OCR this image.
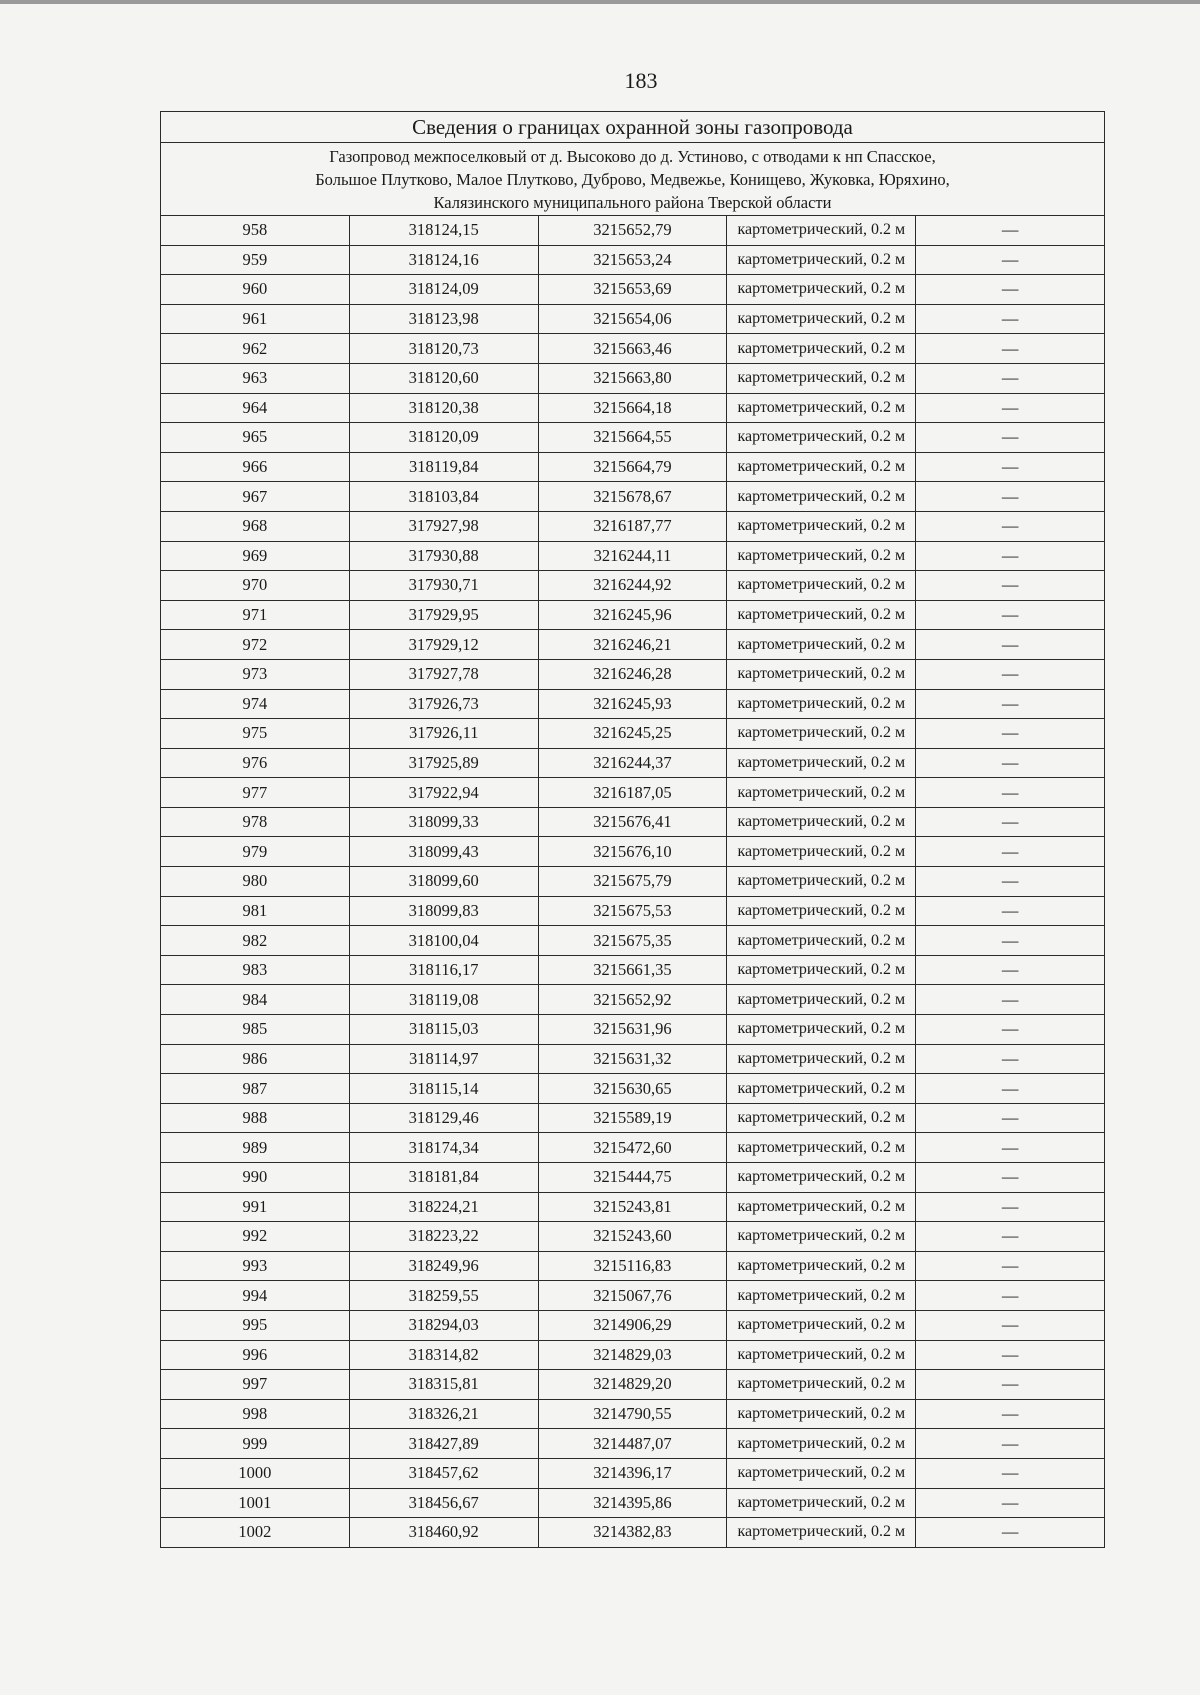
183
Сведения о границах охранной зоны газопровода				

Газопровод межпоселковый от д. Высоково до д. Устиново, с отводами к нп Спасское,
Большое Плутково, Малое Плутково, Дуброво, Медвежье, Конищево, Жуковка, Юряхино,
Калязинского муниципального района Тверской области				

958	318124,15	3215652,79	картометрический, 0.2 м	—
959	318124,16	3215653,24	картометрический, 0.2 м	—
960	318124,09	3215653,69	картометрический, 0.2 м	—
961	318123,98	3215654,06	картометрический, 0.2 м	—
962	318120,73	3215663,46	картометрический, 0.2 м	—
963	318120,60	3215663,80	картометрический, 0.2 м	—
964	318120,38	3215664,18	картометрический, 0.2 м	—
965	318120,09	3215664,55	картометрический, 0.2 м	—
966	318119,84	3215664,79	картометрический, 0.2 м	—
967	318103,84	3215678,67	картометрический, 0.2 м	—
968	317927,98	3216187,77	картометрический, 0.2 м	—
969	317930,88	3216244,11	картометрический, 0.2 м	—
970	317930,71	3216244,92	картометрический, 0.2 м	—
971	317929,95	3216245,96	картометрический, 0.2 м	—
972	317929,12	3216246,21	картометрический, 0.2 м	—
973	317927,78	3216246,28	картометрический, 0.2 м	—
974	317926,73	3216245,93	картометрический, 0.2 м	—
975	317926,11	3216245,25	картометрический, 0.2 м	—
976	317925,89	3216244,37	картометрический, 0.2 м	—
977	317922,94	3216187,05	картометрический, 0.2 м	—
978	318099,33	3215676,41	картометрический, 0.2 м	—
979	318099,43	3215676,10	картометрический, 0.2 м	—
980	318099,60	3215675,79	картометрический, 0.2 м	—
981	318099,83	3215675,53	картометрический, 0.2 м	—
982	318100,04	3215675,35	картометрический, 0.2 м	—
983	318116,17	3215661,35	картометрический, 0.2 м	—
984	318119,08	3215652,92	картометрический, 0.2 м	—
985	318115,03	3215631,96	картометрический, 0.2 м	—
986	318114,97	3215631,32	картометрический, 0.2 м	—
987	318115,14	3215630,65	картометрический, 0.2 м	—
988	318129,46	3215589,19	картометрический, 0.2 м	—
989	318174,34	3215472,60	картометрический, 0.2 м	—
990	318181,84	3215444,75	картометрический, 0.2 м	—
991	318224,21	3215243,81	картометрический, 0.2 м	—
992	318223,22	3215243,60	картометрический, 0.2 м	—
993	318249,96	3215116,83	картометрический, 0.2 м	—
994	318259,55	3215067,76	картометрический, 0.2 м	—
995	318294,03	3214906,29	картометрический, 0.2 м	—
996	318314,82	3214829,03	картометрический, 0.2 м	—
997	318315,81	3214829,20	картометрический, 0.2 м	—
998	318326,21	3214790,55	картометрический, 0.2 м	—
999	318427,89	3214487,07	картометрический, 0.2 м	—
1000	318457,62	3214396,17	картометрический, 0.2 м	—
1001	318456,67	3214395,86	картометрический, 0.2 м	—
1002	318460,92	3214382,83	картометрический, 0.2 м	—
